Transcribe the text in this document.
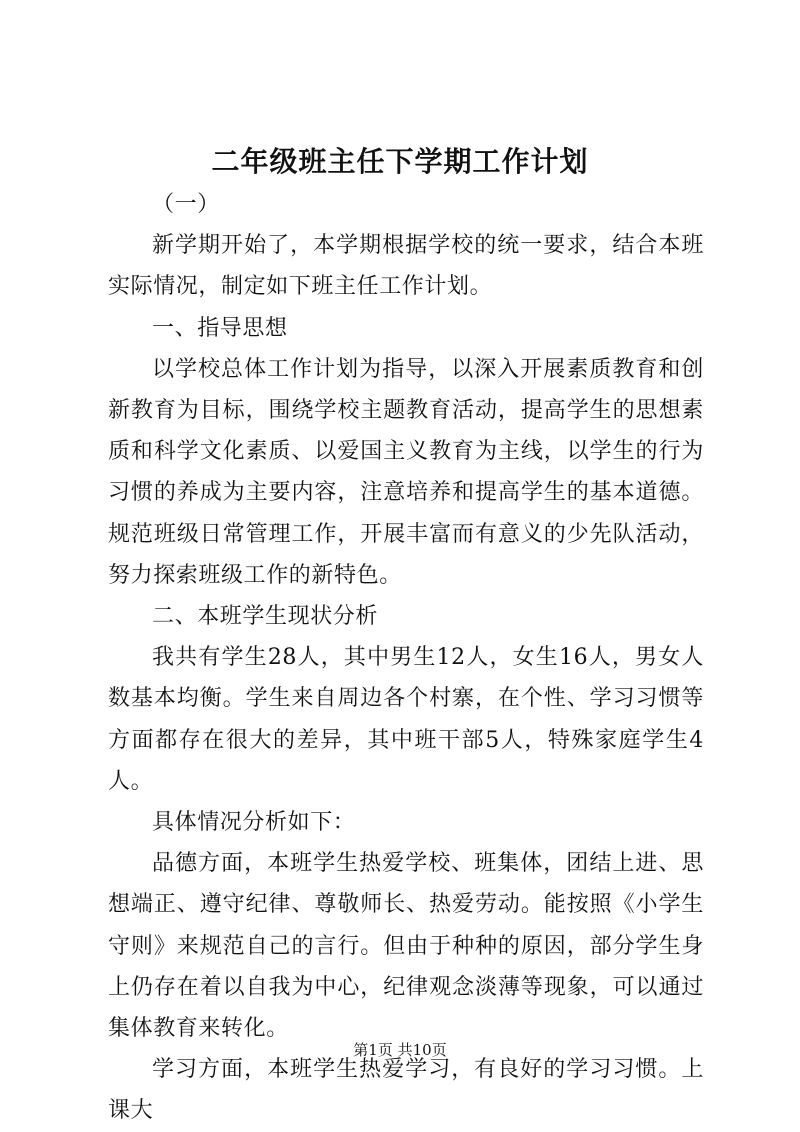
二年级班主任下学期工作计划

（一）

新学期开始了，本学期根据学校的统一要求，结合本班实际情况，制定如下班主任工作计划。

一、指导思想

以学校总体工作计划为指导，以深入开展素质教育和创新教育为目标，围绕学校主题教育活动，提高学生的思想素质和科学文化素质、以爱国主义教育为主线，以学生的行为习惯的养成为主要内容，注意培养和提高学生的基本道德。规范班级日常管理工作，开展丰富而有意义的少先队活动，努力探索班级工作的新特色。

二、本班学生现状分析

我共有学生28人，其中男生12人，女生16人，男女人数基本均衡。学生来自周边各个村寨，在个性、学习习惯等方面都存在很大的差异，其中班干部5人，特殊家庭学生4人。

具体情况分析如下：

品德方面，本班学生热爱学校、班集体，团结上进、思想端正、遵守纪律、尊敬师长、热爱劳动。能按照《小学生守则》来规范自己的言行。但由于种种的原因，部分学生身上仍存在着以自我为中心，纪律观念淡薄等现象，可以通过集体教育来转化。

学习方面，本班学生热爱学习，有良好的学习习惯。上课大

第1页 共10页
